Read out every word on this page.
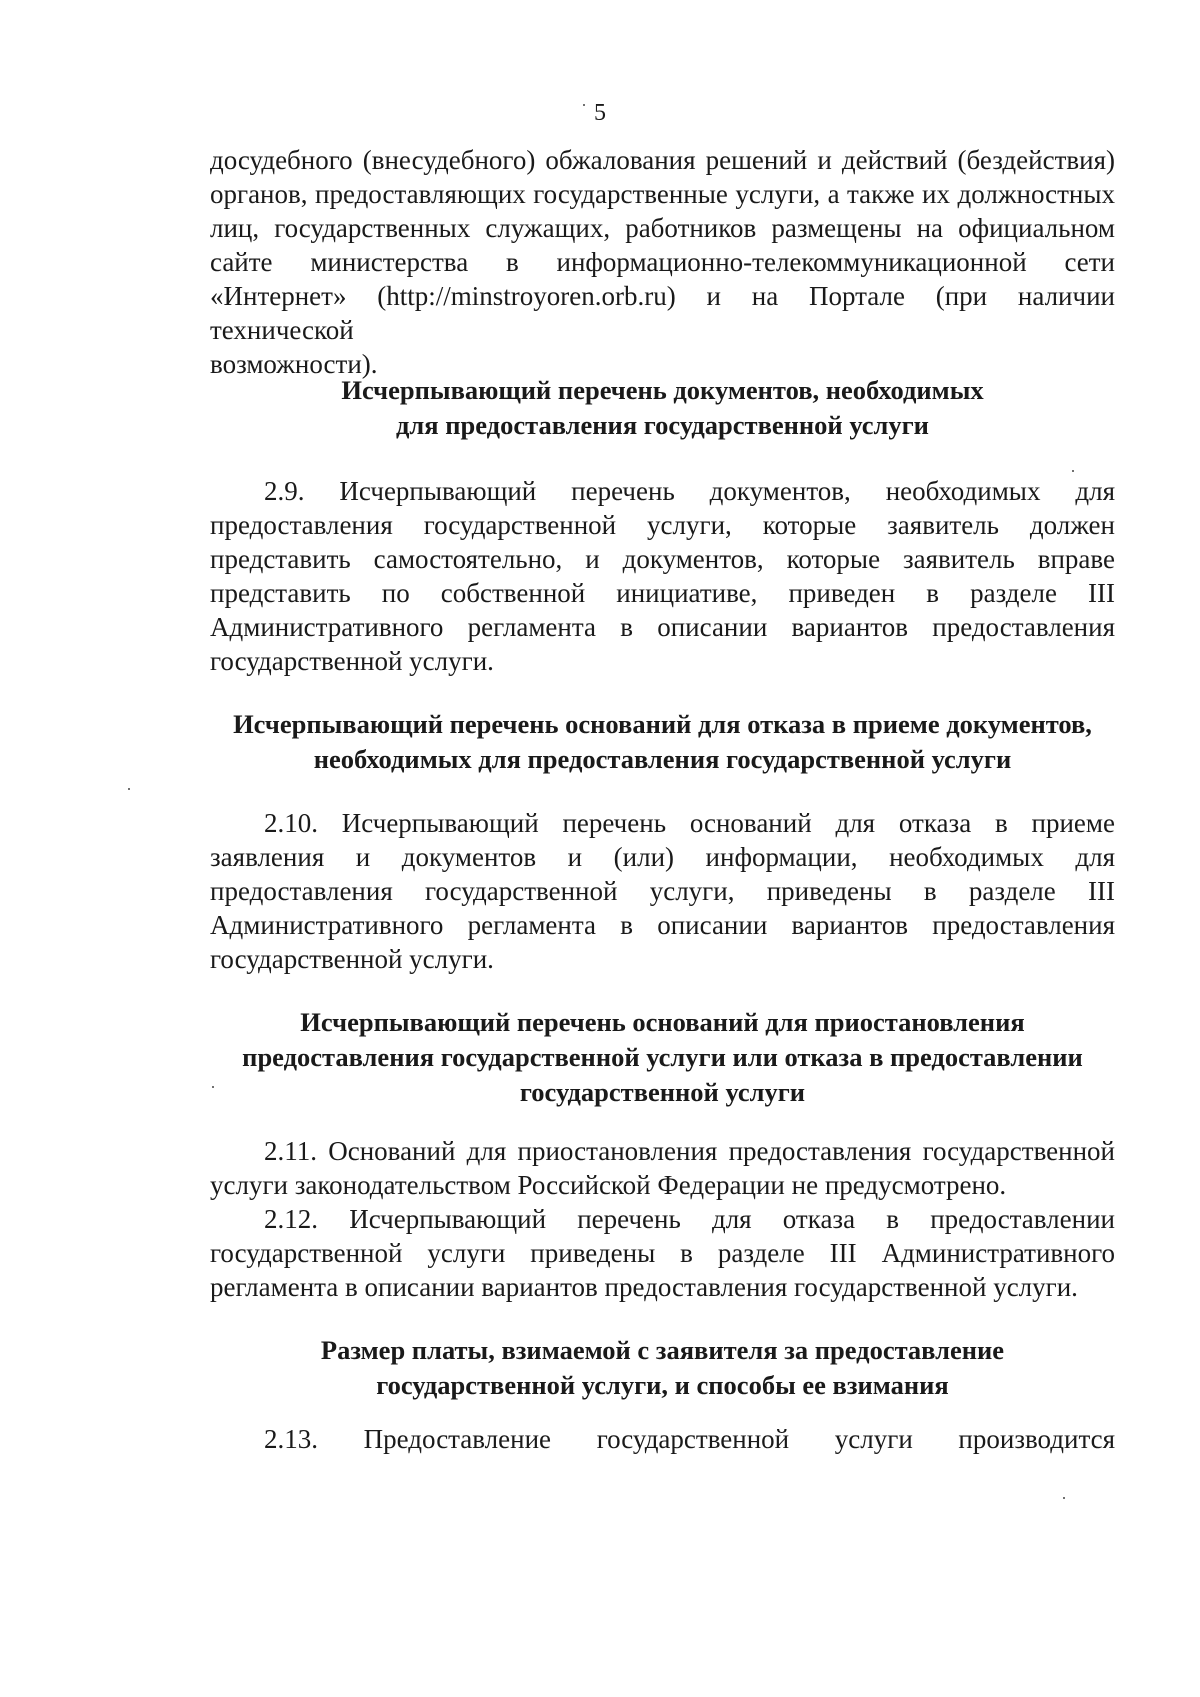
5
досудебного (внесудебного) обжалования решений и действий (бездействия)
органов, предоставляющих государственные услуги, а также их должностных
лиц, государственных служащих, работников размещены на официальном
сайте министерства в информационно-телекоммуникационной сети
«Интернет» (http://minstroyoren.orb.ru) и на Портале (при наличии технической
возможности).
Исчерпывающий перечень документов, необходимых
для предоставления государственной услуги

2.9. Исчерпывающий перечень документов, необходимых для предоставления государственной услуги, которые заявитель должен представить самостоятельно, и документов, которые заявитель вправе представить по собственной инициативе, приведен в разделе III Административного регламента в описании вариантов предоставления государственной услуги.

Исчерпывающий перечень оснований для отказа в приеме документов,
необходимых для предоставления государственной услуги

2.10. Исчерпывающий перечень оснований для отказа в приеме заявления и документов и (или) информации, необходимых для предоставления государственной услуги, приведены в разделе III Административного регламента в описании вариантов предоставления государственной услуги.

Исчерпывающий перечень оснований для приостановления
предоставления государственной услуги или отказа в предоставлении
государственной услуги

2.11. Оснований для приостановления предоставления государственной услуги законодательством Российской Федерации не предусмотрено.

2.12. Исчерпывающий перечень для отказа в предоставлении государственной услуги приведены в разделе III Административного регламента в описании вариантов предоставления государственной услуги.

Размер платы, взимаемой с заявителя за предоставление
государственной услуги, и способы ее взимания
2.13. Предоставление государственной услуги производится
